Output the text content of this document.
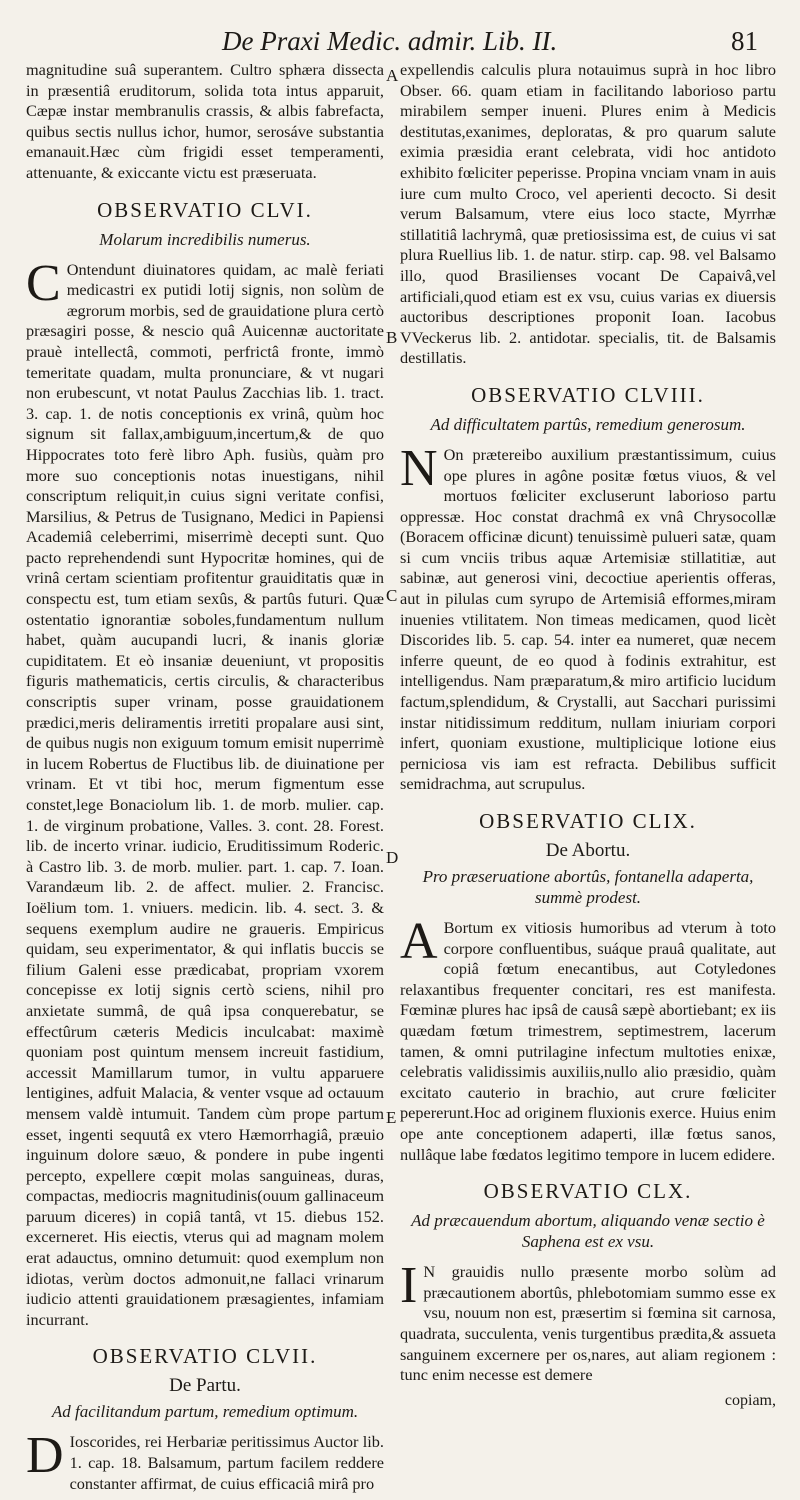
De Praxi Medic. admir. Lib. II.	81
A
B
C
D
E

magnitudine suâ superantem. Cultro sphæra dissecta in præsentiâ eruditorum, solida tota intus apparuit, Cæpæ instar membranulis crassis, & albis fabrefacta, quibus sectis nullus ichor, humor, serosáve substantia emanauit.Hæc cùm frigidi esset temperamenti, attenuante, & exiccante victu est præseruata.

OBSERVATIO CLVI.
Molarum incredibilis numerus.

C Ontendunt diuinatores quidam, ac malè feriati medicastri ex putidi lotij signis, non solùm de ægrorum morbis, sed de grauidatione plura certò præsagiri posse, & nescio quâ Auicennæ auctoritate prauè intellectâ, commoti, perfrictâ fronte, immò temeritate quadam, multa pronunciare, & vt nugari non erubescunt, vt notat Paulus Zacchias lib. 1. tract. 3. cap. 1. de notis conceptionis ex vrinâ, quùm hoc signum sit fallax,ambiguum,incertum,& de quo Hippocrates toto ferè libro Aph. fusiùs, quàm pro more suo conceptionis notas inuestigans, nihil conscriptum reliquit,in cuius signi veritate confisi, Marsilius, & Petrus de Tusignano, Medici in Papiensi Academiâ celeberrimi, miserrimè decepti sunt. Quo pacto reprehendendi sunt Hypocritæ homines, qui de vrinâ certam scientiam profitentur grauiditatis quæ in conspectu est, tum etiam sexûs, & partûs futuri. Quæ ostentatio ignorantiæ soboles,fundamentum nullum habet, quàm aucupandi lucri, & inanis gloriæ cupiditatem. Et eò insaniæ deueniunt, vt propositis figuris mathematicis, certis circulis, & characteribus conscriptis super vrinam, posse grauidationem prædici,meris deliramentis irretiti propalare ausi sint, de quibus nugis non exiguum tomum emisit nuperrimè in lucem Robertus de Fluctibus lib. de diuinatione per vrinam. Et vt tibi hoc, merum figmentum esse constet,lege Bonaciolum lib. 1. de morb. mulier. cap. 1. de virginum probatione, Valles. 3. cont. 28. Forest. lib. de incerto vrinar. iudicio, Eruditissimum Roderic. à Castro lib. 3. de morb. mulier. part. 1. cap. 7. Ioan. Varandæum lib. 2. de affect. mulier. 2. Francisc. Ioëlium tom. 1. vniuers. medicin. lib. 4. sect. 3. & sequens exemplum audire ne graueris. Empiricus quidam, seu experimentator, & qui inflatis buccis se filium Galeni esse prædicabat, propriam vxorem concepisse ex lotij signis certò sciens, nihil pro anxietate summâ, de quâ ipsa conquerebatur, se effectûrum cæteris Medicis inculcabat: maximè quoniam post quintum mensem increuit fastidium, accessit Mamillarum tumor, in vultu apparuere lentigines, adfuit Malacia, & venter vsque ad octauum mensem valdè intumuit. Tandem cùm prope partum esset, ingenti sequutâ ex vtero Hæmorrhagiâ, præuio inguinum dolore sæuo, & pondere in pube ingenti percepto, expellere cœpit molas sanguineas, duras, compactas, mediocris magnitudinis(ouum gallinaceum paruum diceres) in copiâ tantâ, vt 15. diebus 152. excerneret. His eiectis, vterus qui ad magnam molem erat adauctus, omnino detumuit: quod exemplum non idiotas, verùm doctos admonuit,ne fallaci vrinarum iudicio attenti grauidationem præsagientes, infamiam incurrant.

OBSERVATIO CLVII.
De Partu.
Ad facilitandum partum, remedium optimum.

D Ioscorides, rei Herbariæ peritissimus Auctor lib. 1. cap. 18. Balsamum, partum facilem reddere constanter affirmat, de cuius efficaciâ mirâ pro

expellendis calculis plura notauimus suprà in hoc libro Obser. 66. quam etiam in facilitando laborioso partu mirabilem semper inueni. Plures enim à Medicis destitutas,exanimes, deploratas, & pro quarum salute eximia præsidia erant celebrata, vidi hoc antidoto exhibito fœliciter peperisse. Propina vnciam vnam in auis iure cum multo Croco, vel aperienti decocto. Si desit verum Balsamum, vtere eius loco stacte, Myrrhæ stillatitiâ lachrymâ, quæ pretiosissima est, de cuius vi sat plura Ruellius lib. 1. de natur. stirp. cap. 98. vel Balsamo illo, quod Brasilienses vocant De Capaivâ,vel artificiali,quod etiam est ex vsu, cuius varias ex diuersis auctoribus descriptiones proponit Ioan. Iacobus VVeckerus lib. 2. antidotar. specialis, tit. de Balsamis destillatis.

OBSERVATIO CLVIII.
Ad difficultatem partûs, remedium generosum.

N On prætereibo auxilium præstantissimum, cuius ope plures in agône positæ fœtus viuos, & vel mortuos fœliciter excluserunt laborioso partu oppressæ. Hoc constat drachmâ ex vnâ Chrysocollæ (Boracem officinæ dicunt) tenuissimè pulueri satæ, quam si cum vnciis tribus aquæ Artemisiæ stillatitiæ, aut sabinæ, aut generosi vini, decoctiue aperientis offeras, aut in pilulas cum syrupo de Artemisiâ efformes,miram inuenies vtilitatem. Non timeas medicamen, quod licèt Discorides lib. 5. cap. 54. inter ea numeret, quæ necem inferre queunt, de eo quod à fodinis extrahitur, est intelligendus. Nam præparatum,& miro artificio lucidum factum,splendidum, & Crystalli, aut Sacchari purissimi instar nitidissimum redditum, nullam iniuriam corpori infert, quoniam exustione, multiplicique lotione eius perniciosa vis iam est refracta. Debilibus sufficit semidrachma, aut scrupulus.

OBSERVATIO CLIX.
De Abortu.
Pro præseruatione abortûs, fontanella adaperta, summè prodest.

A Bortum ex vitiosis humoribus ad vterum à toto corpore confluentibus, suáque prauâ qualitate, aut copiâ fœtum enecantibus, aut Cotyledones relaxantibus frequenter concitari, res est manifesta. Fœminæ plures hac ipsâ de causâ sæpè abortiebant; ex iis quædam fœtum trimestrem, septimestrem, lacerum tamen, & omni putrilagine infectum multoties enixæ, celebratis validissimis auxiliis,nullo alio præsidio, quàm excitato cauterio in brachio, aut crure fœliciter pepererunt.Hoc ad originem fluxionis exerce. Huius enim ope ante conceptionem adaperti, illæ fœtus sanos, nullâque labe fœdatos legitimo tempore in lucem edidere.

OBSERVATIO CLX.
Ad præcauendum abortum, aliquando venæ sectio è Saphena est ex vsu.

I N grauidis nullo præsente morbo solùm ad præcautionem abortûs, phlebotomiam summo esse ex vsu, nouum non est, præsertim si fœmina sit carnosa, quadrata, succulenta, venis turgentibus prædita,& assueta sanguinem excernere per os,nares, aut aliam regionem : tunc enim necesse est demere

copiam,
